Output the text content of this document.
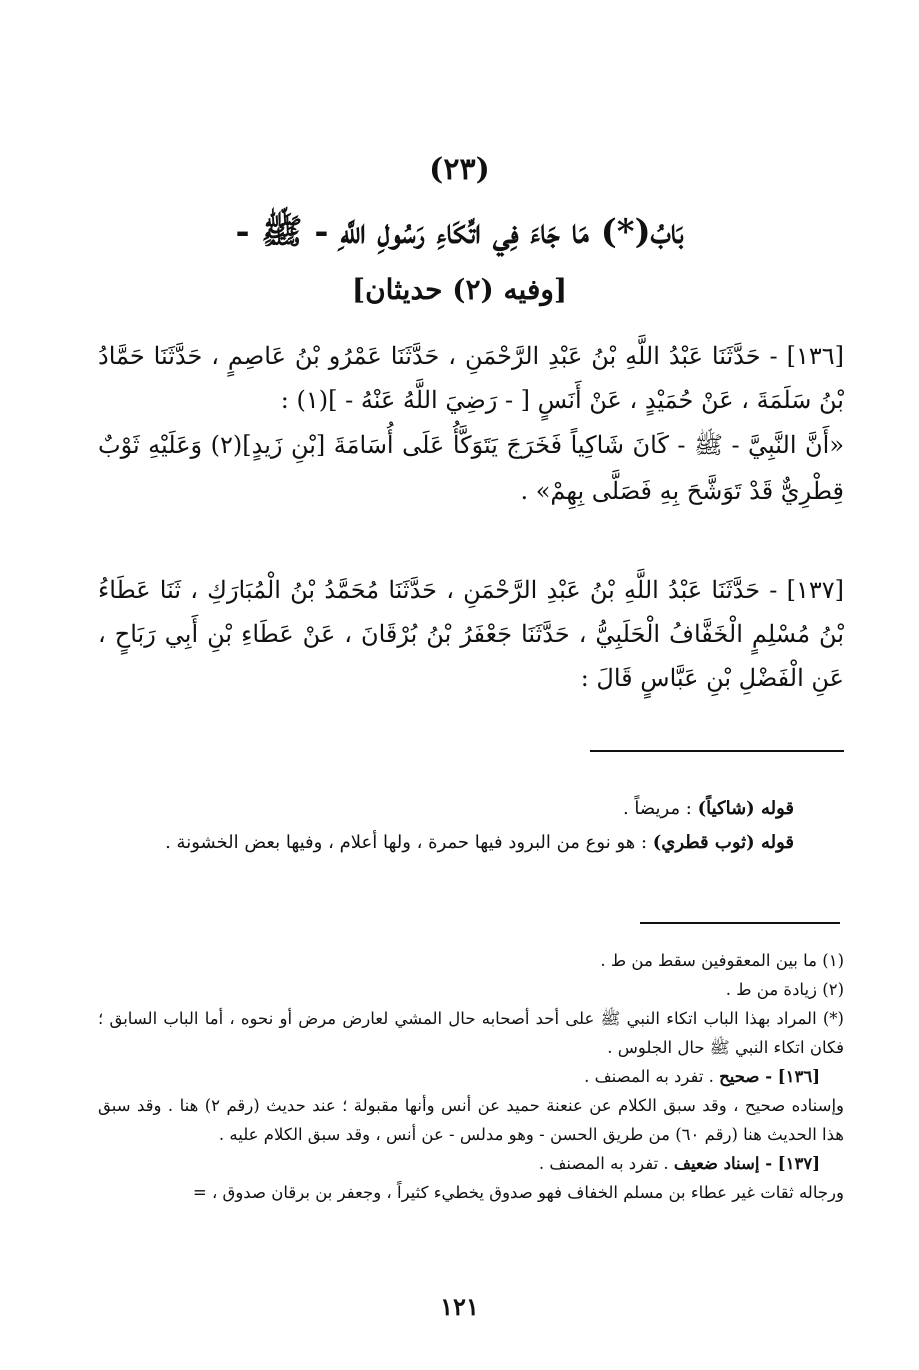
(٢٣)
بَابُ(*) مَا جَاءَ فِي اتِّكَاءِ رَسُولِ اللَّهِ - ﷺ -
[وفيه (٢) حديثان]

[١٣٦] - حَدَّثَنَا عَبْدُ اللَّهِ بْنُ عَبْدِ الرَّحْمَنِ ، حَدَّثَنَا عَمْرُو بْنُ عَاصِمٍ ، حَدَّثَنَا حَمَّادُ بْنُ سَلَمَةَ ، عَنْ حُمَيْدٍ ، عَنْ أَنَسٍ [ - رَضِيَ اللَّهُ عَنْهُ - ](١) :

«أَنَّ النَّبِيَّ - ﷺ - كَانَ شَاكِياً فَخَرَجَ يَتَوَكَّأُ عَلَى أُسَامَةَ [بْنِ زَيدٍ](٢) وَعَلَيْهِ ثَوْبٌ قِطْرِيٌّ قَدْ تَوَشَّحَ بِهِ فَصَلَّى بِهِمْ» .

[١٣٧] - حَدَّثَنَا عَبْدُ اللَّهِ بْنُ عَبْدِ الرَّحْمَنِ ، حَدَّثَنَا مُحَمَّدُ بْنُ الْمُبَارَكِ ، ثَنَا عَطَاءُ بْنُ مُسْلِمٍ الْخَفَّافُ الْحَلَبِيُّ ، حَدَّثَنَا جَعْفَرُ بْنُ بُرْقَانَ ، عَنْ عَطَاءِ بْنِ أَبِي رَبَاحٍ ، عَنِ الْفَضْلِ بْنِ عَبَّاسٍ قَالَ :

قوله (شاكياً) : مريضاً .

قوله (ثوب قطري) : هو نوع من البرود فيها حمرة ، ولها أعلام ، وفيها بعض الخشونة .

(١) ما بين المعقوفين سقط من ط .

(٢) زيادة من ط .

(*) المراد بهذا الباب اتكاء النبي ﷺ على أحد أصحابه حال المشي لعارض مرض أو نحوه ، أما الباب السابق ؛ فكان اتكاء النبي ﷺ حال الجلوس .

[١٣٦] - صحيح . تفرد به المصنف .

وإسناده صحيح ، وقد سبق الكلام عن عنعنة حميد عن أنس وأنها مقبولة ؛ عند حديث (رقم ٢) هنا . وقد سبق هذا الحديث هنا (رقم ٦٠) من طريق الحسن - وهو مدلس - عن أنس ، وقد سبق الكلام عليه .

[١٣٧] - إسناد ضعيف . تفرد به المصنف .

ورجاله ثقات غير عطاء بن مسلم الخفاف فهو صدوق يخطيء كثيراً ، وجعفر بن برقان صدوق ، =

١٢١
